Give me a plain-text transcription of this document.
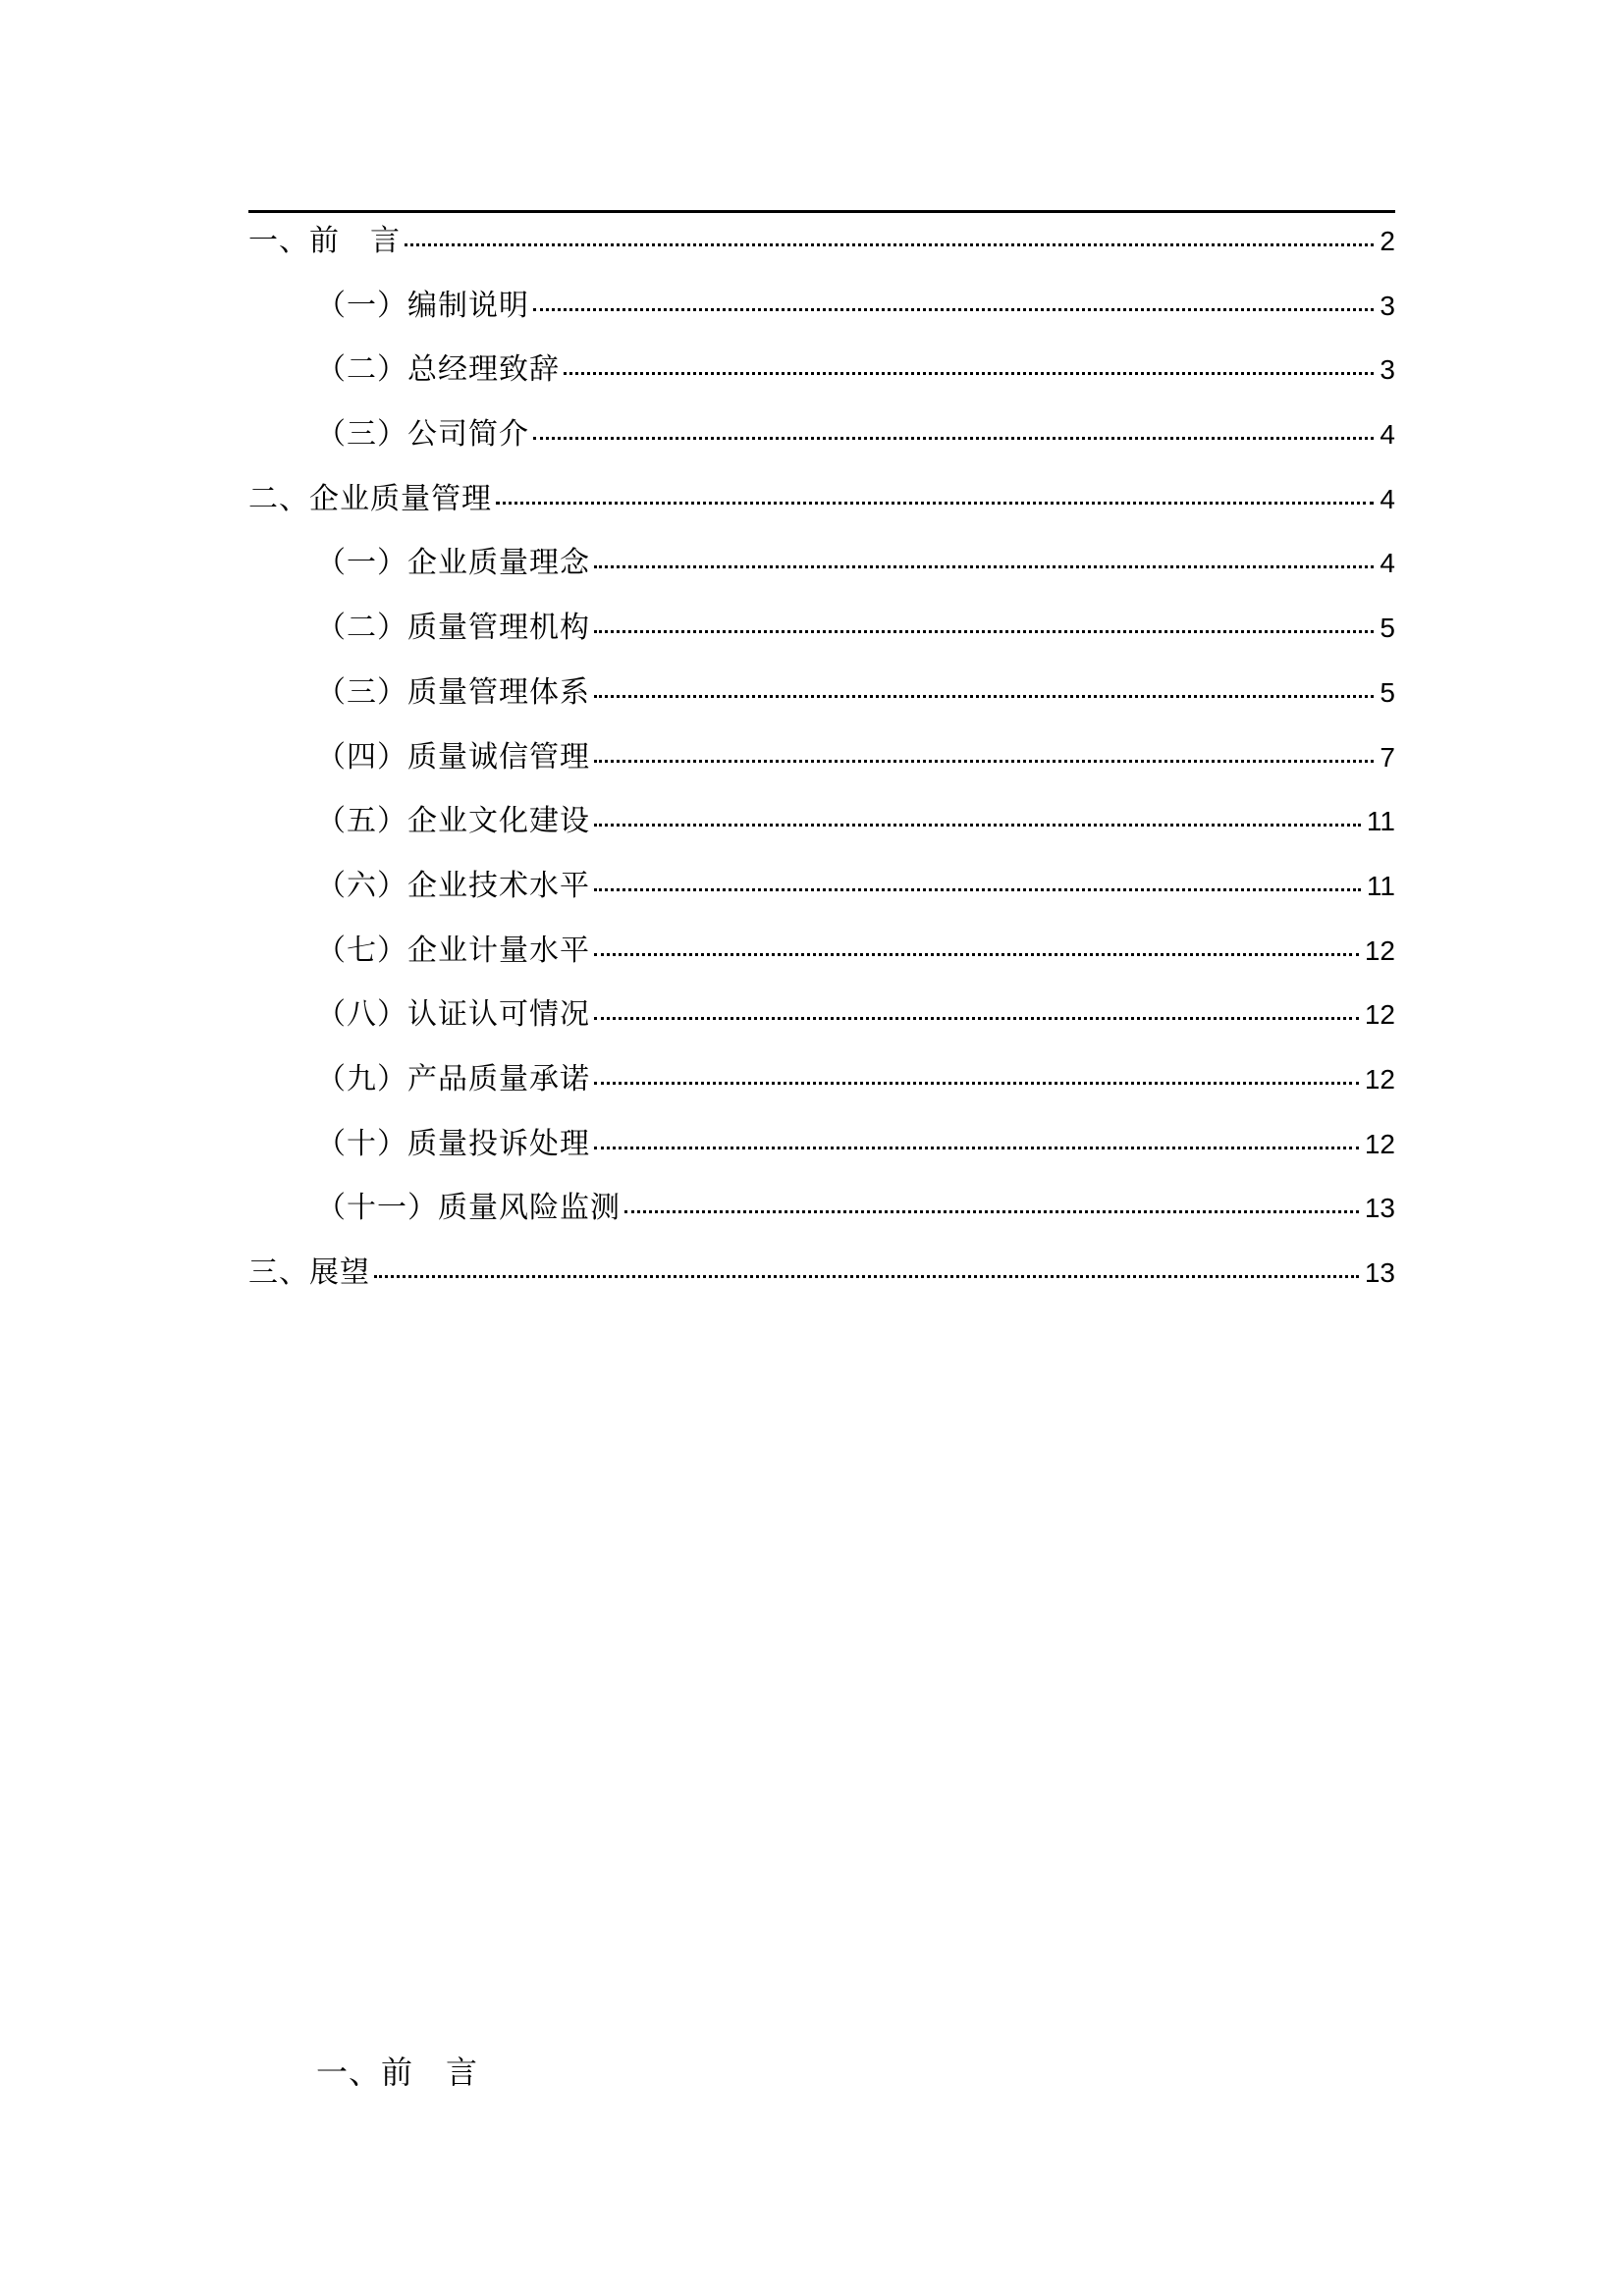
一、前　言	2
（一）编制说明	3
（二）总经理致辞	3
（三）公司简介	4
二、企业质量管理	4
（一）企业质量理念	4
（二）质量管理机构	5
（三）质量管理体系	5
（四）质量诚信管理	7
（五）企业文化建设	11
（六）企业技术水平	11
（七）企业计量水平	12
（八）认证认可情况	12
（九）产品质量承诺	12
（十）质量投诉处理	12
（十一）质量风险监测	13
三、展望	13
一、前　言
